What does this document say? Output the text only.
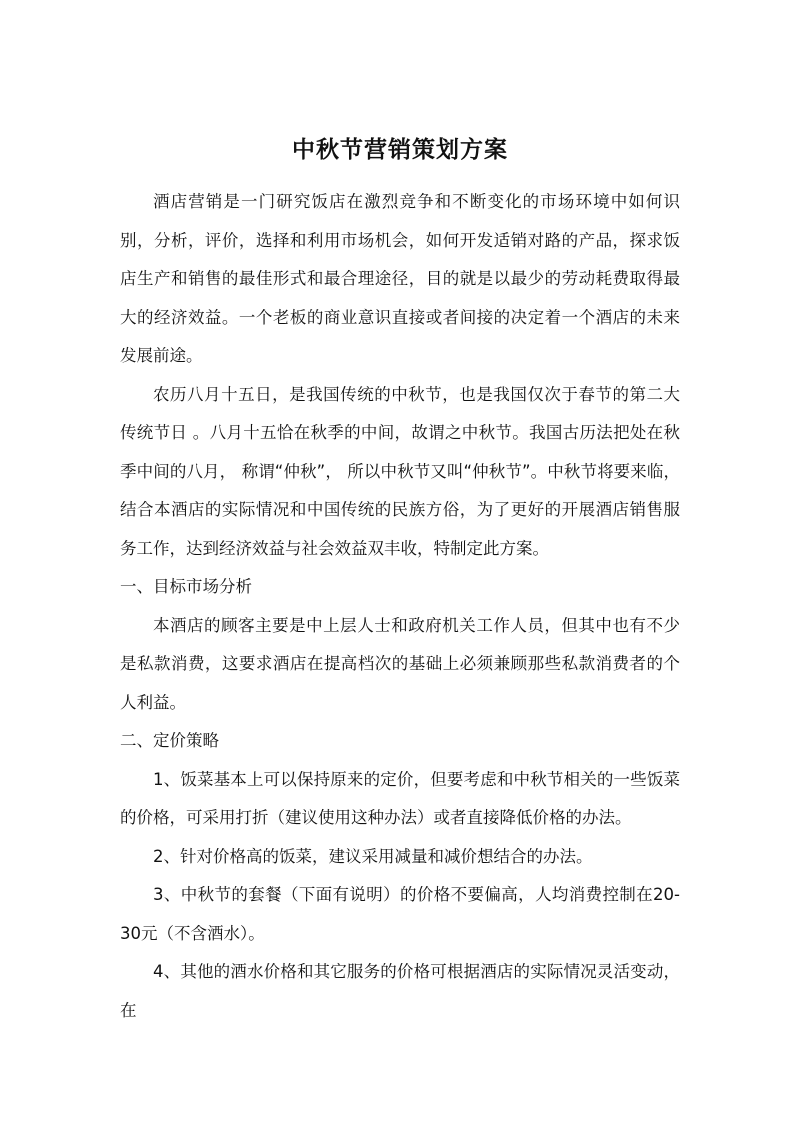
中秋节营销策划方案

酒店营销是一门研究饭店在激烈竞争和不断变化的市场环境中如何识别，分析，评价，选择和利用市场机会，如何开发适销对路的产品，探求饭店生产和销售的最佳形式和最合理途径，目的就是以最少的劳动耗费取得最大的经济效益。一个老板的商业意识直接或者间接的决定着一个酒店的未来发展前途。

农历八月十五日，是我国传统的中秋节，也是我国仅次于春节的第二大传统节日 。八月十五恰在秋季的中间，故谓之中秋节。我国古历法把处在秋季中间的八月， 称谓“仲秋”， 所以中秋节又叫“仲秋节”。中秋节将要来临，结合本酒店的实际情况和中国传统的民族方俗，为了更好的开展酒店销售服务工作，达到经济效益与社会效益双丰收，特制定此方案。

一、目标市场分析

本酒店的顾客主要是中上层人士和政府机关工作人员，但其中也有不少是私款消费，这要求酒店在提高档次的基础上必须兼顾那些私款消费者的个人利益。

二、定价策略

1、饭菜基本上可以保持原来的定价，但要考虑和中秋节相关的一些饭菜的价格，可采用打折（建议使用这种办法）或者直接降低价格的办法。

2、针对价格高的饭菜，建议采用减量和减价想结合的办法。

3、中秋节的套餐（下面有说明）的价格不要偏高，人均消费控制在20-30元（不含酒水）。

4、其他的酒水价格和其它服务的价格可根据酒店的实际情况灵活变动，在
